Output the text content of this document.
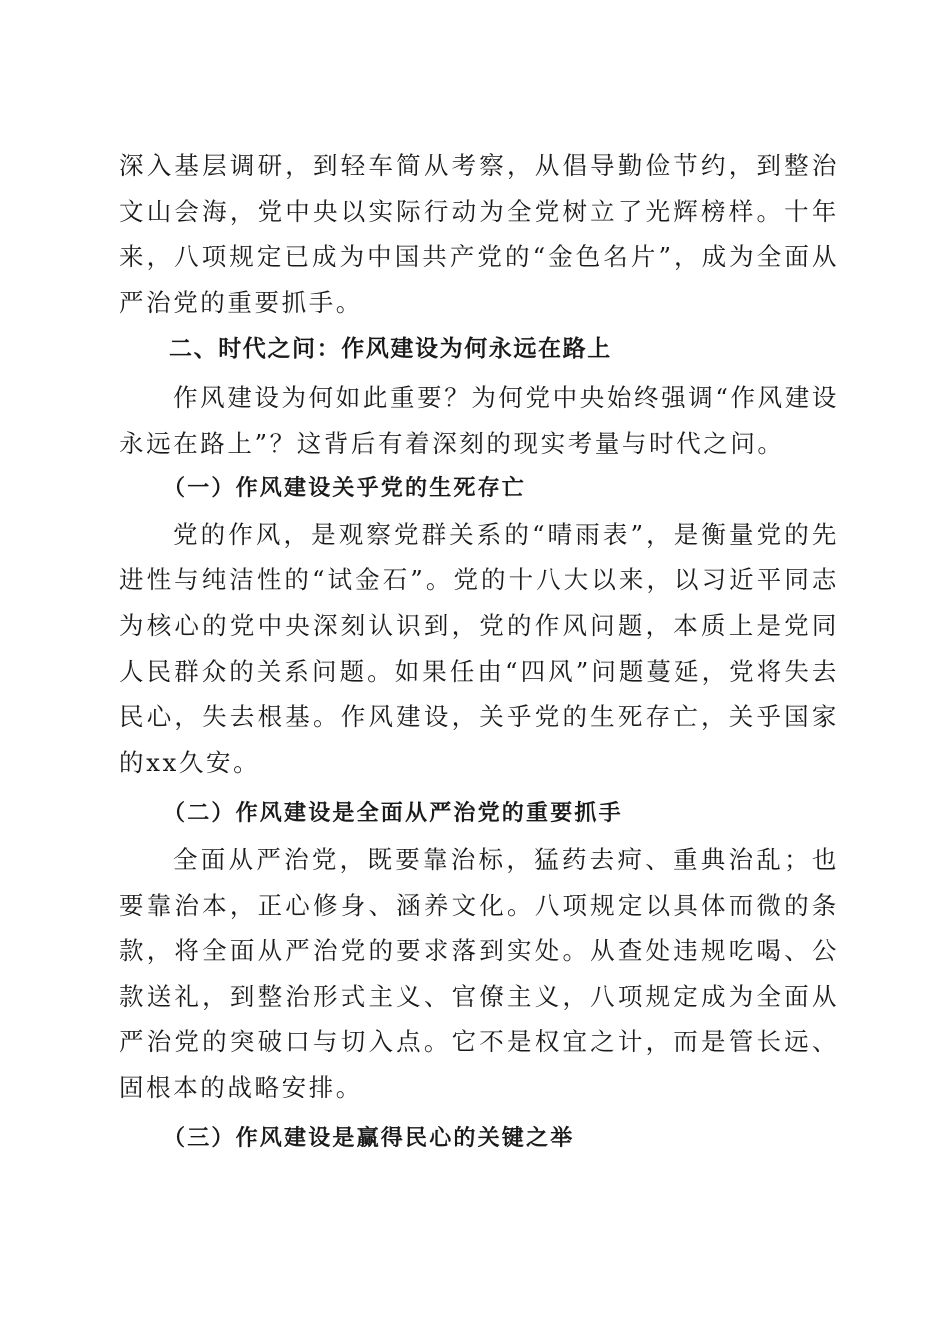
深入基层调研，到轻车简从考察，从倡导勤俭节约，到整治文山会海，党中央以实际行动为全党树立了光辉榜样。十年来，八项规定已成为中国共产党的“金色名片”，成为全面从严治党的重要抓手。

二、时代之问：作风建设为何永远在路上

作风建设为何如此重要？为何党中央始终强调“作风建设永远在路上”？这背后有着深刻的现实考量与时代之问。

（一）作风建设关乎党的生死存亡

党的作风，是观察党群关系的“晴雨表”，是衡量党的先进性与纯洁性的“试金石”。党的十八大以来，以习近平同志为核心的党中央深刻认识到，党的作风问题，本质上是党同人民群众的关系问题。如果任由“四风”问题蔓延，党将失去民心，失去根基。作风建设，关乎党的生死存亡，关乎国家的xx久安。

（二）作风建设是全面从严治党的重要抓手

全面从严治党，既要靠治标，猛药去疴、重典治乱；也要靠治本，正心修身、涵养文化。八项规定以具体而微的条款，将全面从严治党的要求落到实处。从查处违规吃喝、公款送礼，到整治形式主义、官僚主义，八项规定成为全面从严治党的突破口与切入点。它不是权宜之计，而是管长远、固根本的战略安排。

（三）作风建设是赢得民心的关键之举
